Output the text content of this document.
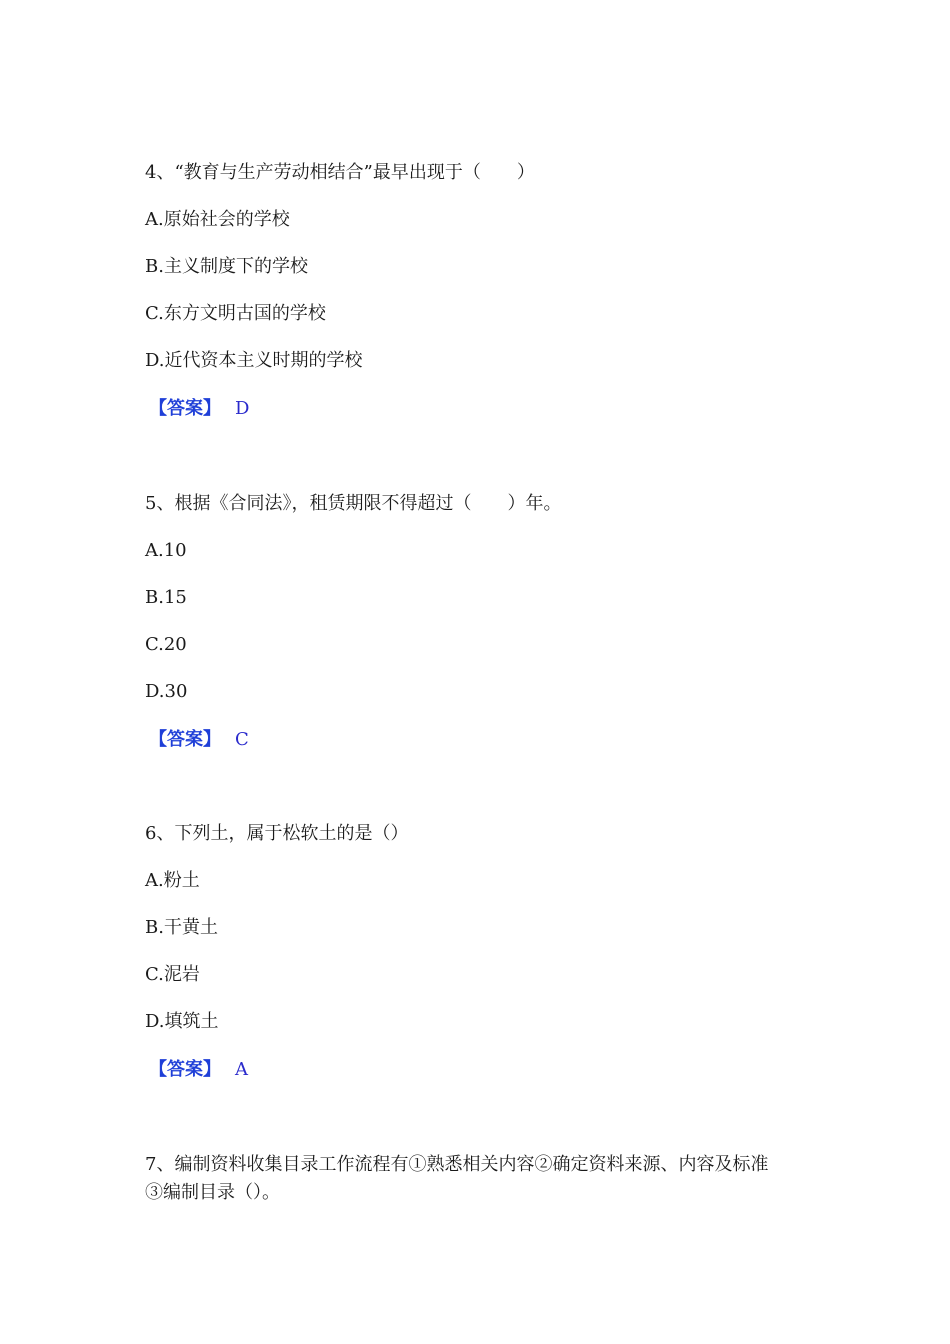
4、“教育与生产劳动相结合”最早出现于（　　）
A.原始社会的学校
B.主义制度下的学校
C.东方文明古国的学校
D.近代资本主义时期的学校
【答案】 D
5、根据《合同法》，租赁期限不得超过（　　）年。
A.10
B.15
C.20
D.30
【答案】 C
6、下列土，属于松软土的是（）
A.粉土
B.干黄土
C.泥岩
D.填筑土
【答案】 A
7、编制资料收集目录工作流程有①熟悉相关内容②确定资料来源、内容及标准
③编制目录（）。
